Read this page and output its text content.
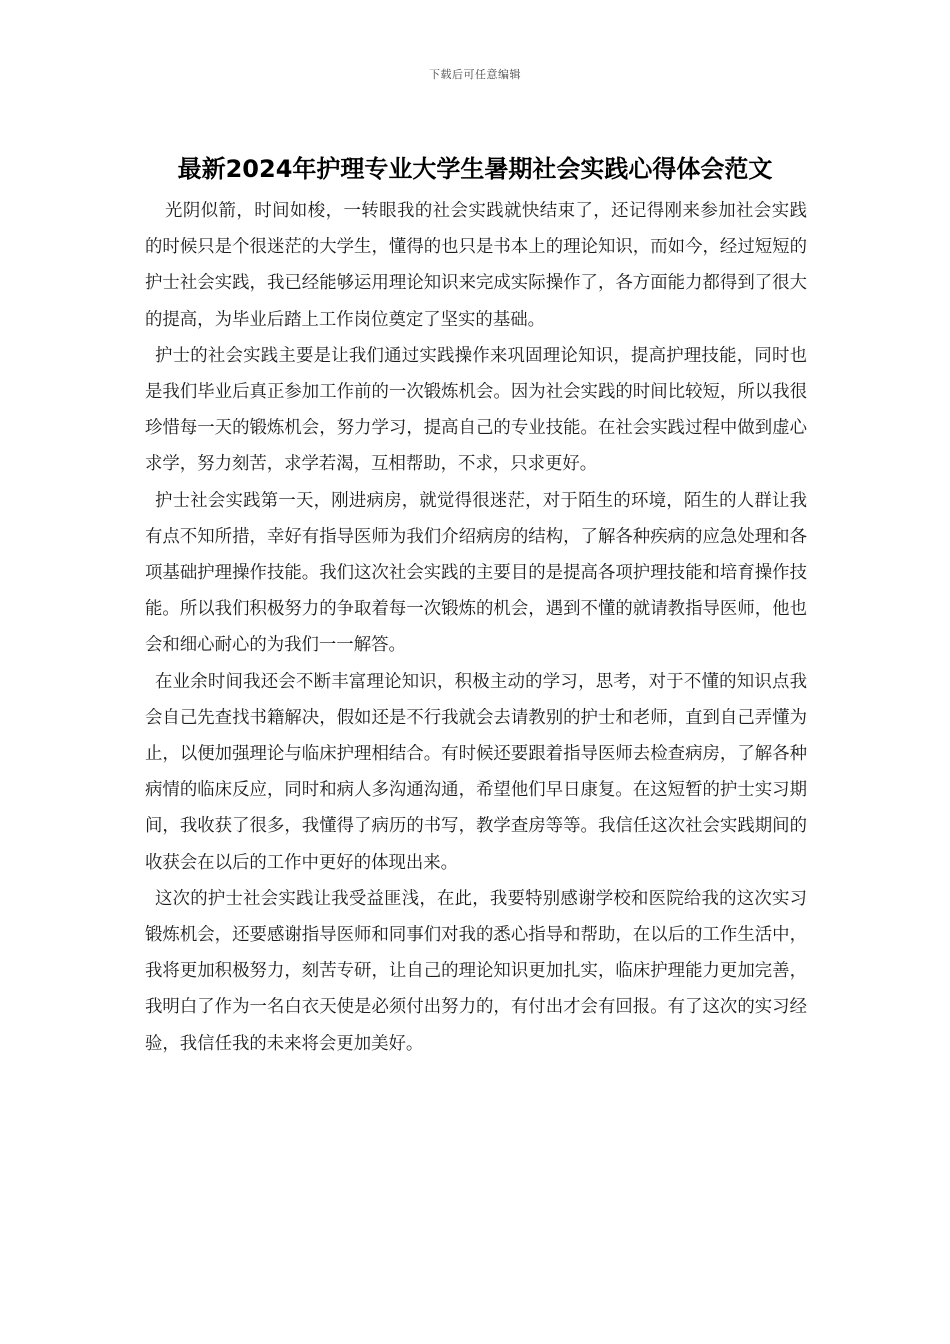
下载后可任意编辑
最新2024年护理专业大学生暑期社会实践心得体会范文

光阴似箭，时间如梭，一转眼我的社会实践就快结束了，还记得刚来参加社会实践的时候只是个很迷茫的大学生，懂得的也只是书本上的理论知识，而如今，经过短短的护士社会实践，我已经能够运用理论知识来完成实际操作了，各方面能力都得到了很大的提高，为毕业后踏上工作岗位奠定了坚实的基础。

护士的社会实践主要是让我们通过实践操作来巩固理论知识，提高护理技能，同时也是我们毕业后真正参加工作前的一次锻炼机会。因为社会实践的时间比较短，所以我很珍惜每一天的锻炼机会，努力学习，提高自己的专业技能。在社会实践过程中做到虚心求学，努力刻苦，求学若渴，互相帮助，不求，只求更好。

护士社会实践第一天，刚进病房，就觉得很迷茫，对于陌生的环境，陌生的人群让我有点不知所措，幸好有指导医师为我们介绍病房的结构，了解各种疾病的应急处理和各项基础护理操作技能。我们这次社会实践的主要目的是提高各项护理技能和培育操作技能。所以我们积极努力的争取着每一次锻炼的机会，遇到不懂的就请教指导医师，他也会和细心耐心的为我们一一解答。

在业余时间我还会不断丰富理论知识，积极主动的学习，思考，对于不懂的知识点我会自己先查找书籍解决，假如还是不行我就会去请教别的护士和老师，直到自己弄懂为止，以便加强理论与临床护理相结合。有时候还要跟着指导医师去检查病房，了解各种病情的临床反应，同时和病人多沟通沟通，希望他们早日康复。在这短暂的护士实习期间，我收获了很多，我懂得了病历的书写，教学查房等等。我信任这次社会实践期间的收获会在以后的工作中更好的体现出来。

这次的护士社会实践让我受益匪浅，在此，我要特别感谢学校和医院给我的这次实习锻炼机会，还要感谢指导医师和同事们对我的悉心指导和帮助，在以后的工作生活中，我将更加积极努力，刻苦专研，让自己的理论知识更加扎实，临床护理能力更加完善，我明白了作为一名白衣天使是必须付出努力的，有付出才会有回报。有了这次的实习经验，我信任我的未来将会更加美好。
